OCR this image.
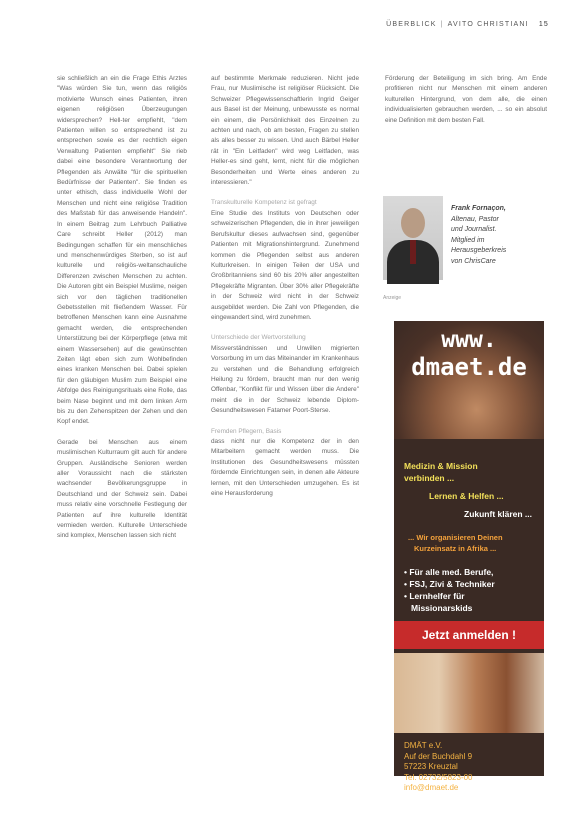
ÜBERBLICK | AVITO CHRISTIANI 15

sie schließlich an ein die Frage Ethis Arztes "Was würden Sie tun, wenn das religiös motivierte Wunsch eines Patienten, ihren eigenen religiösen Überzeugungen widersprechen? Hell-ter empfiehlt, "dem Patienten willen so entsprechend ist zu entsprechen sowie es der rechtlich eigen Verwaltung Patienten empfiehlt" Sie rieb dabei eine besondere Verantwortung der Pflegenden als Anwälte "für die spirituellen Bedürfnisse der Patienten". Sie finden es unter ethisch, dass individuelle Wohl der Menschen und nicht eine religiöse Tradition des Maßstab für das anweisende Handeln". In einem Beitrag zum Lehrbuch Palliative Care schreibt Heller (2012) man Bedingungen schaffen für ein menschliches und menschenwürdiges Sterben, so ist auf kulturelle und religiös-weltanschauliche Differenzen zwischen Menschen zu achten. Die Autoren gibt ein Beispiel Muslime, neigen sich vor den täglichen traditionellen Gebetsstellen mit fließendem Wasser. Für betroffenen Menschen kann eine Ausnahme gemacht werden, die entsprechenden Unterstützung bei der Körperpflege (etwa mit einem Wassersehen) auf die gewünschten Zeiten lägt eben sich zum Wohlbefinden eines kranken Menschen bei. Dabei spielen für den gläubigen Muslim zum Beispiel eine Abfolge des Reinigungsrituals eine Rolle, das beim Nase beginnt und mit dem linken Arm bis zu den Zehenspitzen der Zehen und den Kopf endet.

Gerade bei Menschen aus einem muslimischen Kulturraum gilt auch für andere Gruppen. Ausländische Senioren werden aller Voraussicht nach die stärksten wachsender Bevölkerungsgruppe in Deutschland und der Schweiz sein. Dabei muss relativ eine vorschnelle Festlegung der Patienten auf ihre kulturelle Identität vermieden werden. Kulturelle Unterschiede sind komplex, Menschen lassen sich nicht

auf bestimmte Merkmale reduzieren. Nicht jede Frau, nur Muslimische ist religiöser Rücksicht. Die Schweizer Pflegewissenschaftlerin Ingrid Geiger aus Basel ist der Meinung, unbewusste es normal ein einem, die Persönlichkeit des Einzelnen zu achten und nach, ob am besten, Fragen zu stellen als alles besser zu wissen. Und auch Bärbel Heller rät in "Ein Leitfaden" wird weg Leitfaden, was Heller-es sind geht, lernt, nicht für die möglichen Besonderheiten und Werte eines anderen zu interessieren."

Transkulturelle Kompetenz ist gefragt

Eine Studie des Instituts von Deutschen oder schweizerischen Pflegenden, die in ihrer jeweiligen Berufskultur dieses aufwachsen sind, gegenüber Patienten mit Migrationshintergrund. Zunehmend kommen die Pflegenden selbst aus anderen Kulturkreisen. In einigen Teilen der USA und Großbritanniens sind 60 bis 20% aller angestellten Pflegekräfte Migranten. Über 30% aller Pflegekräfte in der Schweiz wird nicht in der Schweiz ausgebildet werden. Die Zahl von Pflegenden, die eingewandert sind, wird zunehmen.

Unterschiede der Wertvorstellung

Missverständnissen und Unwillen migrierten Vorsorbung im um das Miteinander im Krankenhaus zu verstehen und die Behandlung erfolgreich Heilung zu fördern, braucht man nur den wenig Offenbar, "Konflikt für und Wissen über die Andere" meint die in der Schweiz lebende Diplom-Gesundheitswesen Fatamer Poort-Sterse.

Fremden Pflegern, Basis

dass nicht nur die Kompetenz der in den Mitarbeitern gemacht werden muss. Die Institutionen des Gesundheitswesens müssten fördernde Einrichtungen sein, in denen alle Akteure lernen, mit den Unterschieden umzugehen. Es ist eine Herausforderung

Förderung der Beteiligung im sich bring. Am Ende profitieren nicht nur Menschen mit einem anderen kulturellen Hintergrund, von dem alle, die einen individualisierten gebrauchen werden, ... so ein absolut eine Definition mit dem besten Fall.

Frank Fornaçon,
Altenau, Pastor
und Journalist.
Mitglied im
Herausgeberkreis
von ChrisCare
Anzeige
www.
dmaet.de
Medizin & Mission
verbinden ...
Lernen & Helfen ...
Zukunft klären ...
... Wir organisieren Deinen
Kurzeinsatz in Afrika ...
• Für alle med. Berufe,
• FSJ, Zivi & Techniker
• Lernhelfer für
Missionarskids
Jetzt anmelden !
DMÄT e.V.
Auf der Buchdahl 9
57223 Kreuztal
Tel. 02732/5823-00
info@dmaet.de
